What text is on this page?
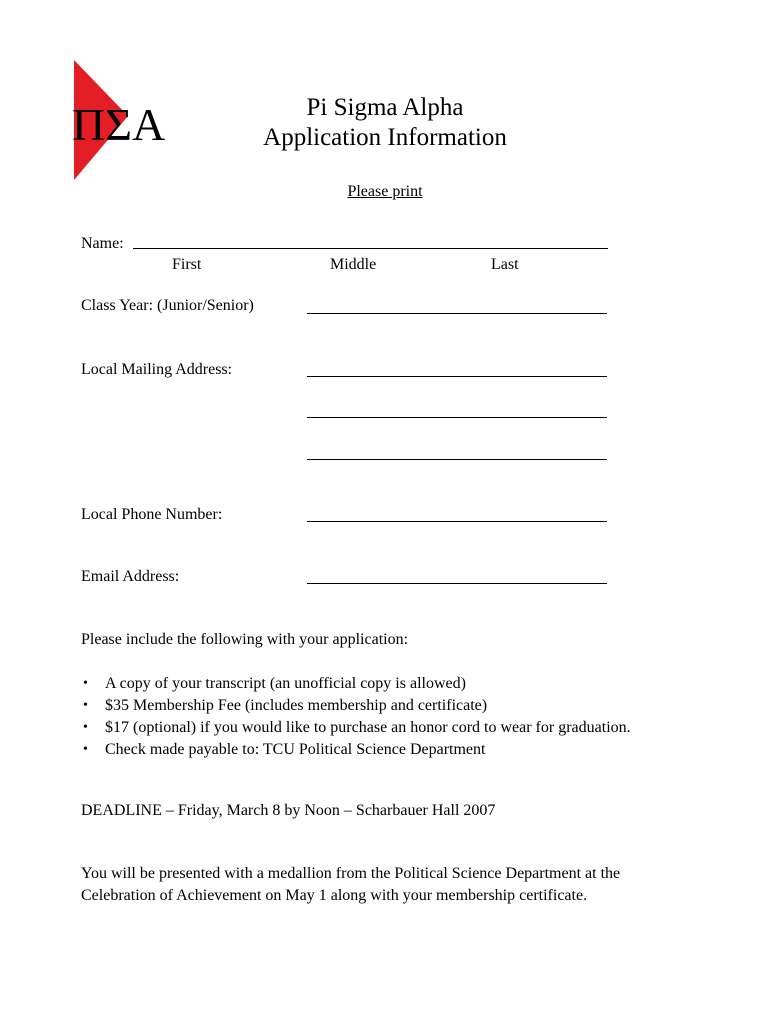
ΠΣΑ	Pi Sigma Alpha
Application Information
Please print
Name:
First	Middle	Last
Class Year: (Junior/Senior)
Local Mailing Address:
Local Phone Number:
Email Address:
Please include the following with your application:
• A copy of your transcript (an unofficial copy is allowed)
• $35 Membership Fee (includes membership and certificate)
• $17 (optional) if you would like to purchase an honor cord to wear for graduation.
• Check made payable to: TCU Political Science Department
DEADLINE – Friday, March 8 by Noon – Scharbauer Hall 2007
You will be presented with a medallion from the Political Science Department at the
Celebration of Achievement on May 1 along with your membership certificate.
